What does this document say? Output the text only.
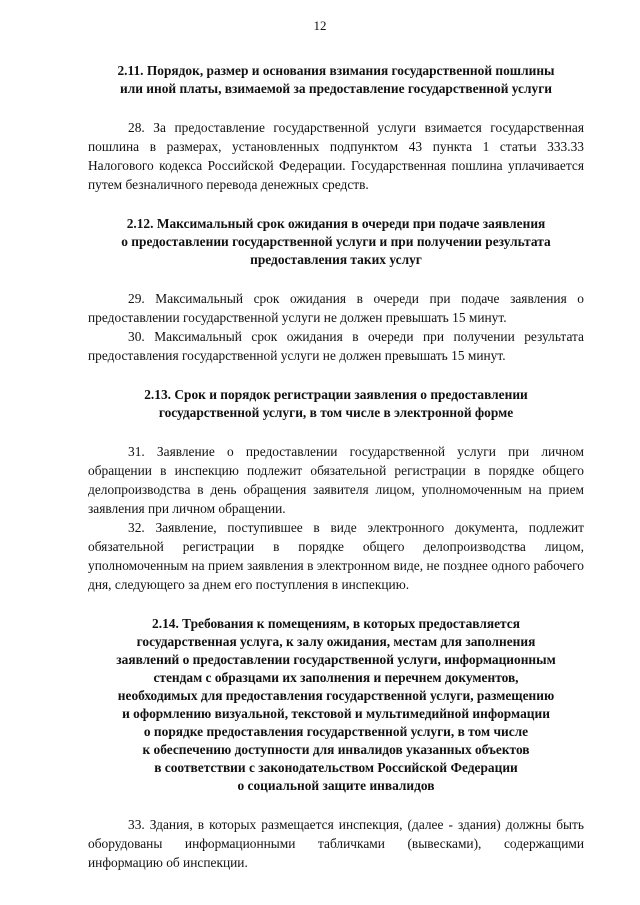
12
2.11. Порядок, размер и основания взимания государственной пошлины
или иной платы, взимаемой за предоставление государственной услуги

28. За предоставление государственной услуги взимается государственная пошлина в размерах, установленных подпунктом 43 пункта 1 статьи 333.33 Налогового кодекса Российской Федерации. Государственная пошлина уплачивается путем безналичного перевода денежных средств.

2.12. Максимальный срок ожидания в очереди при подаче заявления
о предоставлении государственной услуги и при получении результата
предоставления таких услуг

29. Максимальный срок ожидания в очереди при подаче заявления о предоставлении государственной услуги не должен превышать 15 минут.

30. Максимальный срок ожидания в очереди при получении результата предоставления государственной услуги не должен превышать 15 минут.

2.13. Срок и порядок регистрации заявления о предоставлении
государственной услуги, в том числе в электронной форме

31. Заявление о предоставлении государственной услуги при личном обращении в инспекцию подлежит обязательной регистрации в порядке общего делопроизводства в день обращения заявителя лицом, уполномоченным на прием заявления при личном обращении.

32. Заявление, поступившее в виде электронного документа, подлежит обязательной регистрации в порядке общего делопроизводства лицом, уполномоченным на прием заявления в электронном виде, не позднее одного рабочего дня, следующего за днем его поступления в инспекцию.

2.14. Требования к помещениям, в которых предоставляется
государственная услуга, к залу ожидания, местам для заполнения
заявлений о предоставлении государственной услуги, информационным
стендам с образцами их заполнения и перечнем документов,
необходимых для предоставления государственной услуги, размещению
и оформлению визуальной, текстовой и мультимедийной информации
о порядке предоставления государственной услуги, в том числе
к обеспечению доступности для инвалидов указанных объектов
в соответствии с законодательством Российской Федерации
о социальной защите инвалидов

33. Здания, в которых размещается инспекция, (далее - здания) должны быть оборудованы информационными табличками (вывесками), содержащими информацию об инспекции.
